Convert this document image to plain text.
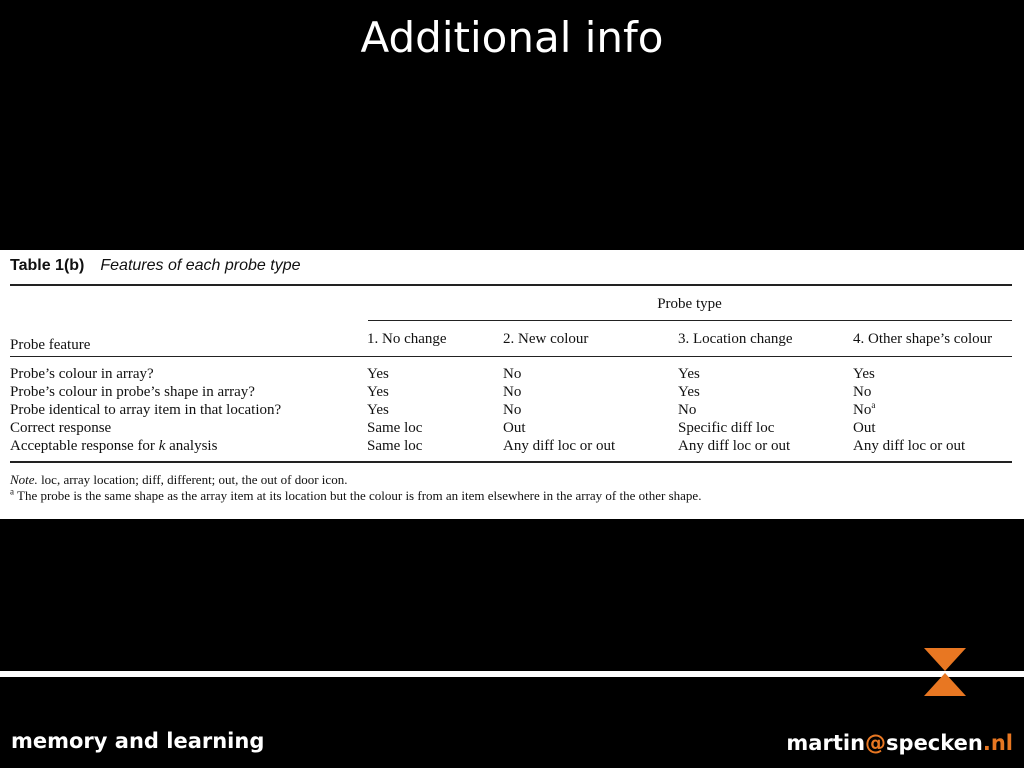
Additional info
Table 1(b) Features of each probe type
Probe type
Probe feature	1. No change	2. New colour	3. Location change	4. Other shape’s colour
Probe’s colour in array?	Yes	No	Yes	Yes
Probe’s colour in probe’s shape in array?	Yes	No	Yes	No
Probe identical to array item in that location?	Yes	No	No	No$^a$
Correct response	Same loc	Out	Specific diff loc	Out
Acceptable response for k analysis	Same loc	Any diff loc or out	Any diff loc or out	Any diff loc or out
Note. loc, array location; diff, different; out, the out of door icon.
$^a$ The probe is the same shape as the array item at its location but the colour is from an item elsewhere in the array of the other shape.
memory and learning	martin@specken.nl
